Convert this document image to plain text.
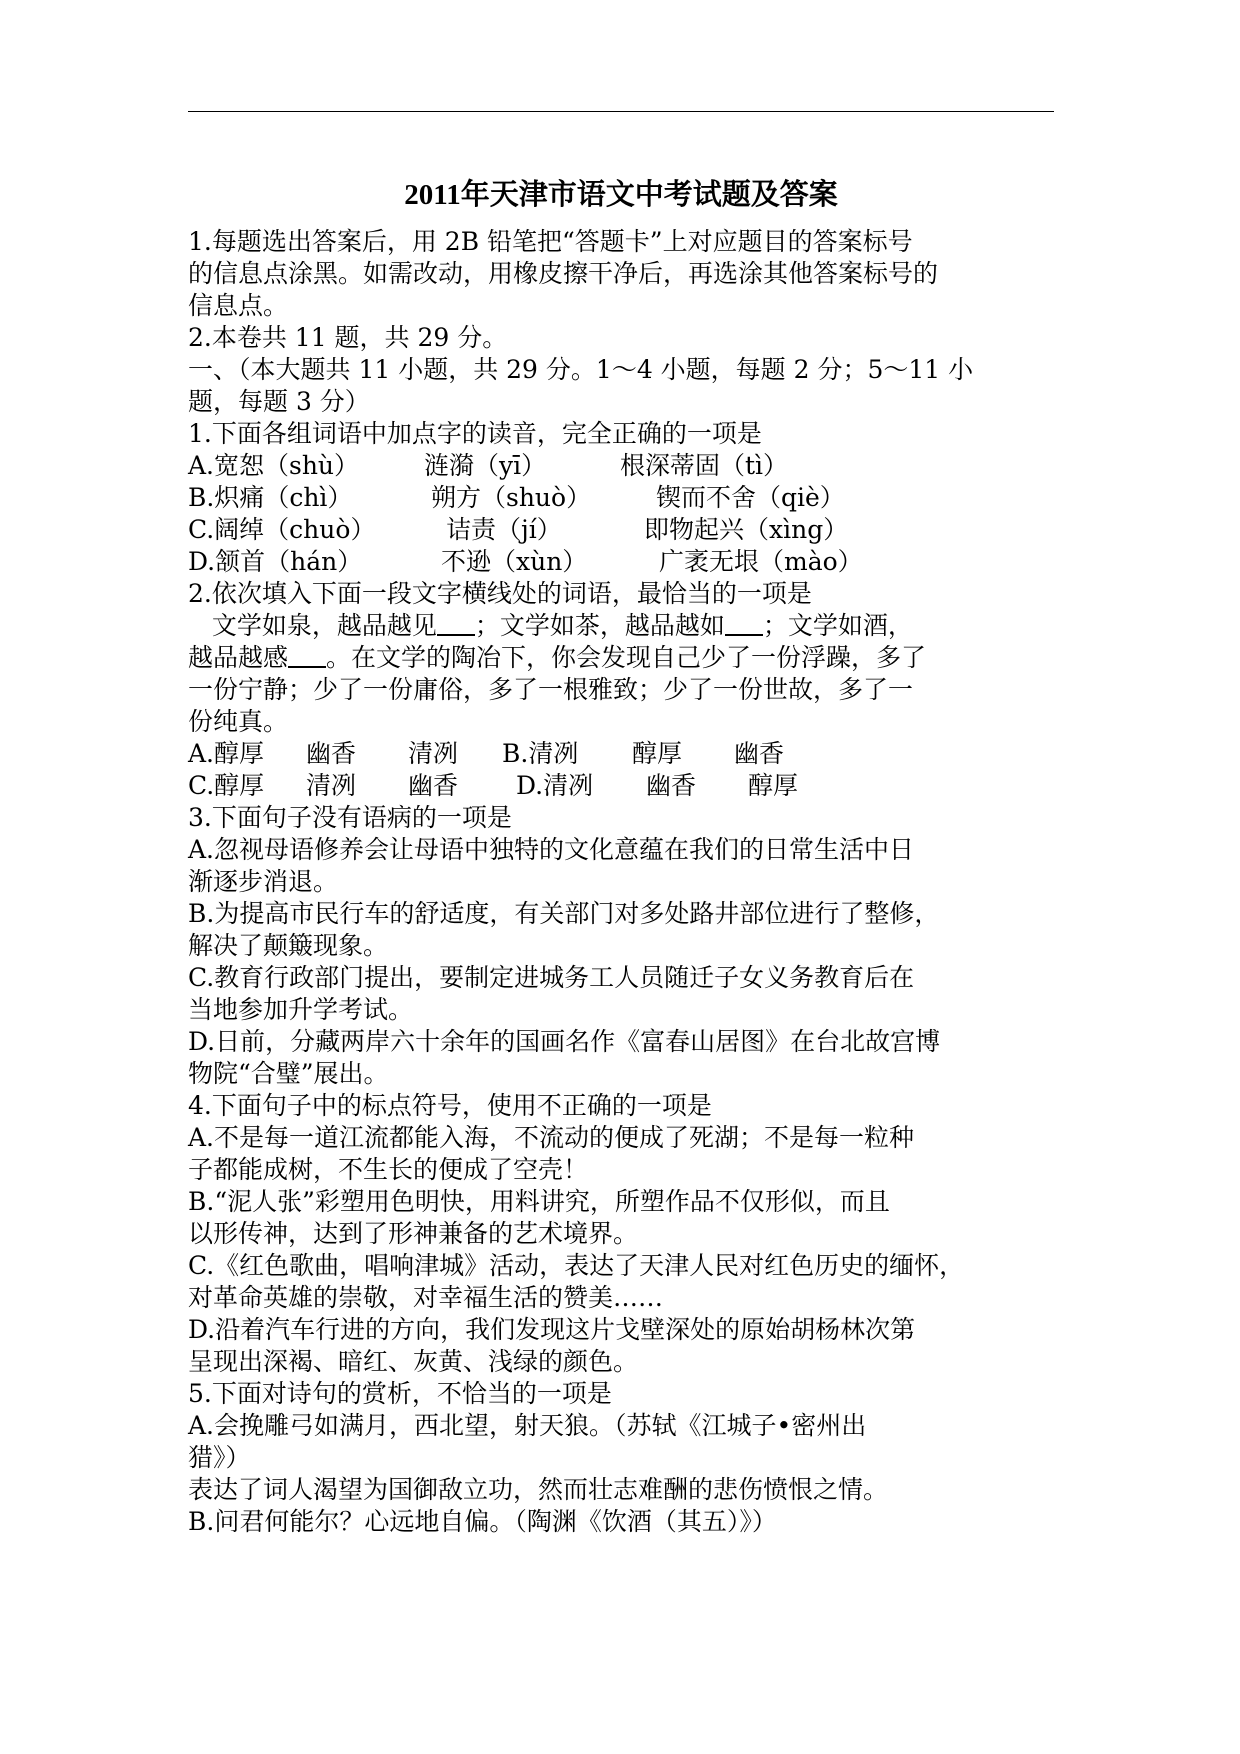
2011年天津市语文中考试题及答案
1.每题选出答案后，用 2B 铅笔把“答题卡”上对应题目的答案标号
的信息点涂黑。如需改动，用橡皮擦干净后，再选涂其他答案标号的
信息点。
2.本卷共 11 题，共 29 分。
一、（本大题共 11 小题，共 29 分。1～4 小题，每题 2 分；5～11 小
题，每题 3 分）
1.下面各组词语中加点字的读音，完全正确的一项是
A.宽恕（shù）	涟漪（yī）	根深蒂固（tì）
B.炽痛（chì）	朔方（shuò）	锲而不舍（qiè）
C.阔绰（chuò）	诘责（jí）	即物起兴（xìng）
D.颔首（hán）	不逊（xùn）	广袤无垠（mào）
2.依次填入下面一段文字横线处的词语，最恰当的一项是
文学如泉，越品越见 ；文学如茶，越品越如 ；文学如酒，
越品越感 。在文学的陶冶下，你会发现自己少了一份浮躁，多了
一份宁静；少了一份庸俗，多了一根雅致；少了一份世故，多了一
份纯真。
A.醇厚 幽香 清冽 B.清冽 醇厚 幽香
C.醇厚 清冽 幽香 D.清冽 幽香 醇厚
3.下面句子没有语病的一项是
A.忽视母语修养会让母语中独特的文化意蕴在我们的日常生活中日
渐逐步消退。
B.为提高市民行车的舒适度，有关部门对多处路井部位进行了整修，
解决了颠簸现象。
C.教育行政部门提出，要制定进城务工人员随迁子女义务教育后在
当地参加升学考试。
D.日前，分藏两岸六十余年的国画名作《富春山居图》在台北故宫博
物院“合璧”展出。
4.下面句子中的标点符号，使用不正确的一项是
A.不是每一道江流都能入海，不流动的便成了死湖；不是每一粒种
子都能成树，不生长的便成了空壳！
B.“泥人张”彩塑用色明快，用料讲究，所塑作品不仅形似，而且
以形传神，达到了形神兼备的艺术境界。
C.《红色歌曲，唱响津城》活动，表达了天津人民对红色历史的缅怀，
对革命英雄的崇敬，对幸福生活的赞美……
D.沿着汽车行进的方向，我们发现这片戈壁深处的原始胡杨林次第
呈现出深褐、暗红、灰黄、浅绿的颜色。
5.下面对诗句的赏析，不恰当的一项是
A.会挽雕弓如满月，西北望，射天狼。（苏轼《江城子•密州出
猎》）
表达了词人渴望为国御敌立功，然而壮志难酬的悲伤愤恨之情。
B.问君何能尔？心远地自偏。（陶渊《饮酒（其五）》）
